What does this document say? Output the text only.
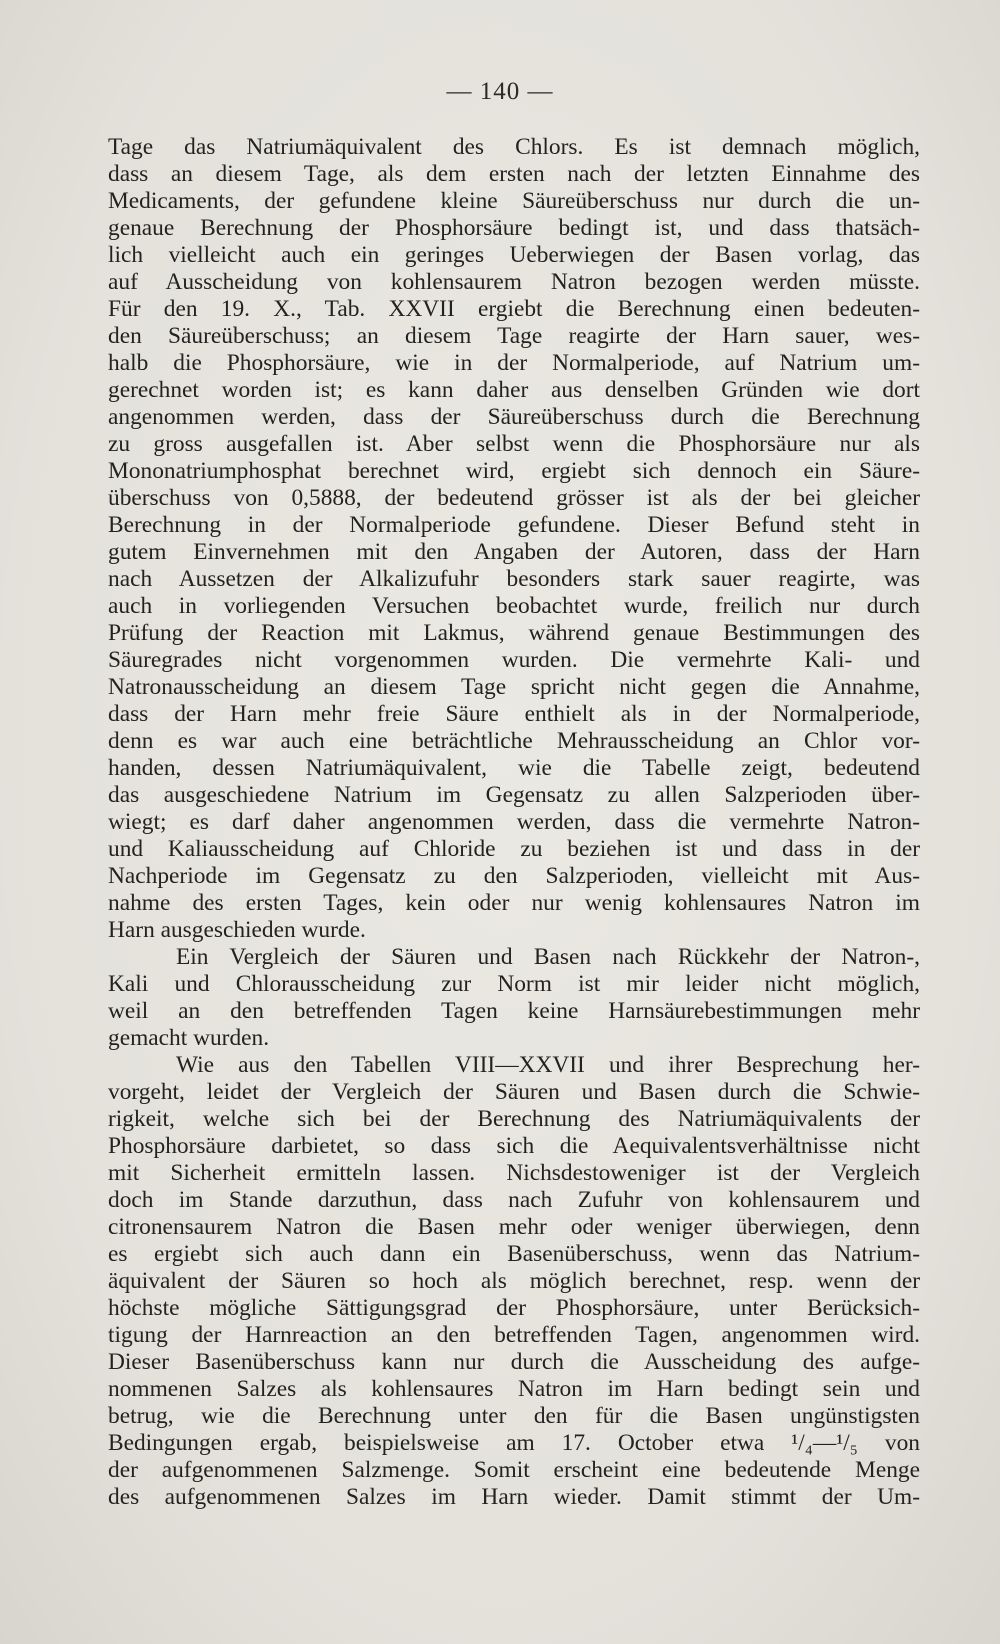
— 140 —
Tage das Natriumäquivalent des Chlors. Es ist demnach möglich,
dass an diesem Tage, als dem ersten nach der letzten Einnahme des
Medicaments, der gefundene kleine Säureüberschuss nur durch die un-
genaue Berechnung der Phosphorsäure bedingt ist, und dass thatsäch-
lich vielleicht auch ein geringes Ueberwiegen der Basen vorlag, das
auf Ausscheidung von kohlensaurem Natron bezogen werden müsste.
Für den 19. X., Tab. XXVII ergiebt die Berechnung einen bedeuten-
den Säureüberschuss; an diesem Tage reagirte der Harn sauer, wes-
halb die Phosphorsäure, wie in der Normalperiode, auf Natrium um-
gerechnet worden ist; es kann daher aus denselben Gründen wie dort
angenommen werden, dass der Säureüberschuss durch die Berechnung
zu gross ausgefallen ist. Aber selbst wenn die Phosphorsäure nur als
Mononatriumphosphat berechnet wird, ergiebt sich dennoch ein Säure-
überschuss von 0,5888, der bedeutend grösser ist als der bei gleicher
Berechnung in der Normalperiode gefundene. Dieser Befund steht in
gutem Einvernehmen mit den Angaben der Autoren, dass der Harn
nach Aussetzen der Alkalizufuhr besonders stark sauer reagirte, was
auch in vorliegenden Versuchen beobachtet wurde, freilich nur durch
Prüfung der Reaction mit Lakmus, während genaue Bestimmungen des
Säuregrades nicht vorgenommen wurden. Die vermehrte Kali- und
Natronausscheidung an diesem Tage spricht nicht gegen die Annahme,
dass der Harn mehr freie Säure enthielt als in der Normalperiode,
denn es war auch eine beträchtliche Mehrausscheidung an Chlor vor-
handen, dessen Natriumäquivalent, wie die Tabelle zeigt, bedeutend
das ausgeschiedene Natrium im Gegensatz zu allen Salzperioden über-
wiegt; es darf daher angenommen werden, dass die vermehrte Natron-
und Kaliausscheidung auf Chloride zu beziehen ist und dass in der
Nachperiode im Gegensatz zu den Salzperioden, vielleicht mit Aus-
nahme des ersten Tages, kein oder nur wenig kohlensaures Natron im
Harn ausgeschieden wurde.
Ein Vergleich der Säuren und Basen nach Rückkehr der Natron-,
Kali und Chlorausscheidung zur Norm ist mir leider nicht möglich,
weil an den betreffenden Tagen keine Harnsäurebestimmungen mehr
gemacht wurden.
Wie aus den Tabellen VIII—XXVII und ihrer Besprechung her-
vorgeht, leidet der Vergleich der Säuren und Basen durch die Schwie-
rigkeit, welche sich bei der Berechnung des Natriumäquivalents der
Phosphorsäure darbietet, so dass sich die Aequivalentsverhältnisse nicht
mit Sicherheit ermitteln lassen. Nichsdestoweniger ist der Vergleich
doch im Stande darzuthun, dass nach Zufuhr von kohlensaurem und
citronensaurem Natron die Basen mehr oder weniger überwiegen, denn
es ergiebt sich auch dann ein Basenüberschuss, wenn das Natrium-
äquivalent der Säuren so hoch als möglich berechnet, resp. wenn der
höchste mögliche Sättigungsgrad der Phosphorsäure, unter Berücksich-
tigung der Harnreaction an den betreffenden Tagen, angenommen wird.
Dieser Basenüberschuss kann nur durch die Ausscheidung des aufge-
nommenen Salzes als kohlensaures Natron im Harn bedingt sein und
betrug, wie die Berechnung unter den für die Basen ungünstigsten
Bedingungen ergab, beispielsweise am 17. October etwa ¹/₄—¹/₅ von
der aufgenommenen Salzmenge. Somit erscheint eine bedeutende Menge
des aufgenommenen Salzes im Harn wieder. Damit stimmt der Um-
